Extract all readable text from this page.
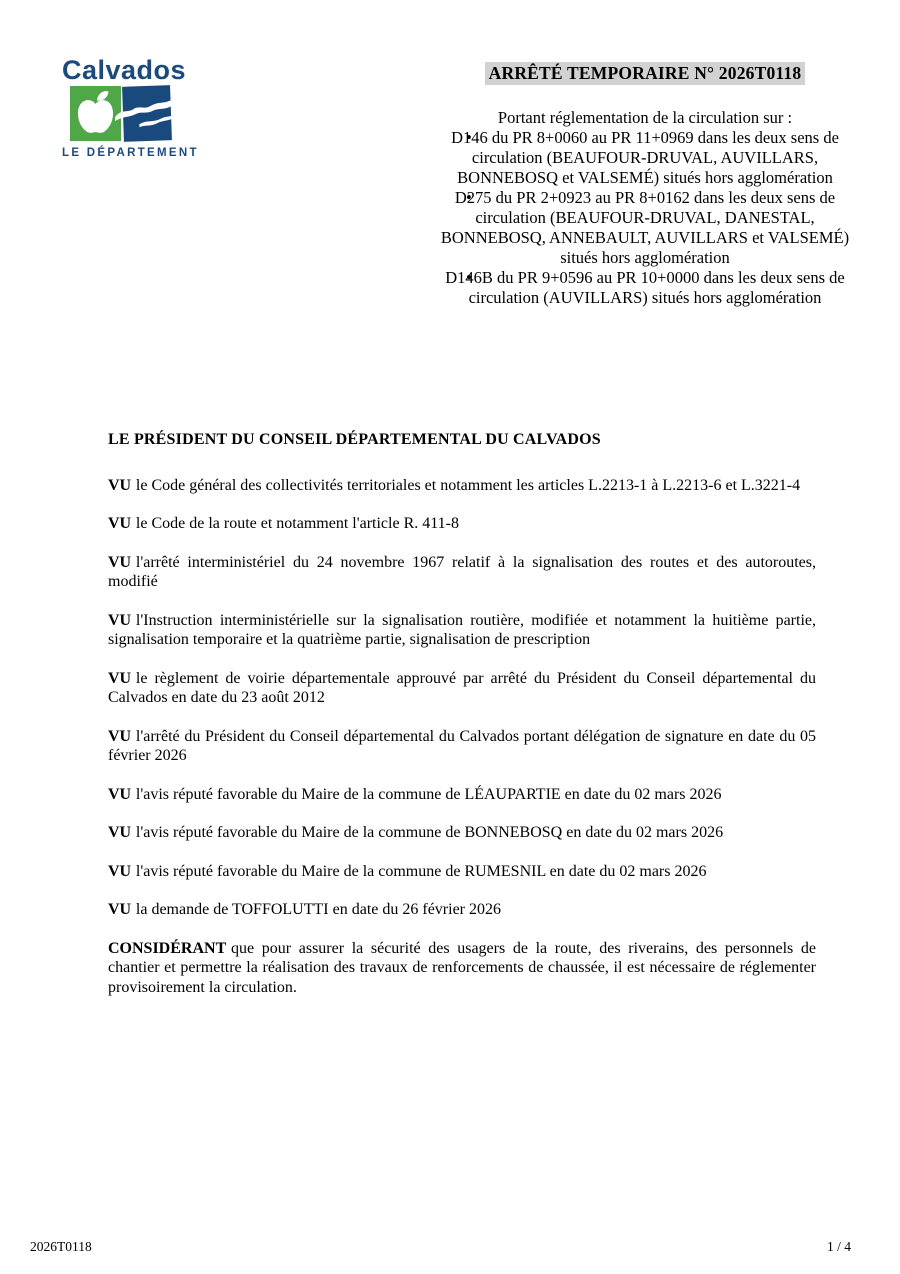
Calvados
LE DÉPARTEMENT
ARRÊTÉ TEMPORAIRE N° 2026T0118
Portant réglementation de la circulation sur :
• D146 du PR 8+0060 au PR 11+0969 dans les deux sens de circulation (BEAUFOUR-DRUVAL, AUVILLARS, BONNEBOSQ et VALSEMÉ) situés hors agglomération
• D275 du PR 2+0923 au PR 8+0162 dans les deux sens de circulation (BEAUFOUR-DRUVAL, DANESTAL, BONNEBOSQ, ANNEBAULT, AUVILLARS et VALSEMÉ) situés hors agglomération
• D146B du PR 9+0596 au PR 10+0000 dans les deux sens de circulation (AUVILLARS) situés hors agglomération
LE PRÉSIDENT DU CONSEIL DÉPARTEMENTAL DU CALVADOS

VU le Code général des collectivités territoriales et notamment les articles L.2213-1 à L.2213-6 et L.3221-4

VU le Code de la route et notamment l'article R. 411-8

VU l'arrêté interministériel du 24 novembre 1967 relatif à la signalisation des routes et des autoroutes, modifié

VU l'Instruction interministérielle sur la signalisation routière, modifiée et notamment la huitième partie, signalisation temporaire et la quatrième partie, signalisation de prescription

VU le règlement de voirie départementale approuvé par arrêté du Président du Conseil départemental du Calvados en date du 23 août 2012

VU l'arrêté du Président du Conseil départemental du Calvados portant délégation de signature en date du 05 février 2026

VU l'avis réputé favorable du Maire de la commune de LÉAUPARTIE en date du 02 mars 2026

VU l'avis réputé favorable du Maire de la commune de BONNEBOSQ en date du 02 mars 2026

VU l'avis réputé favorable du Maire de la commune de RUMESNIL en date du 02 mars 2026

VU la demande de TOFFOLUTTI en date du 26 février 2026

CONSIDÉRANT que pour assurer la sécurité des usagers de la route, des riverains, des personnels de chantier et permettre la réalisation des travaux de renforcements de chaussée, il est nécessaire de réglementer provisoirement la circulation.

2026T0118	1 / 4
